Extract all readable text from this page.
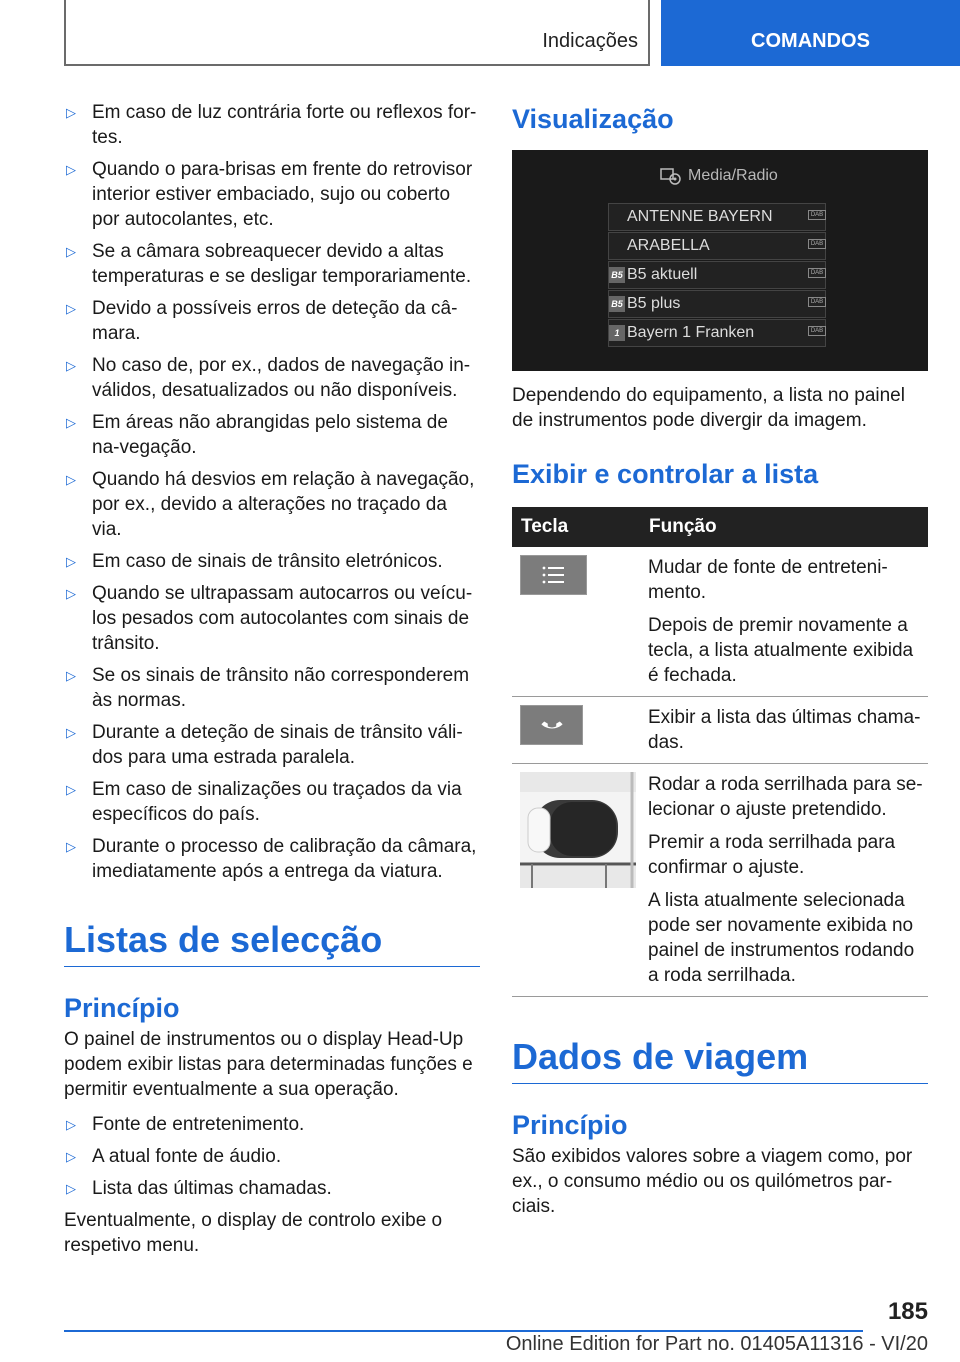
Indicações	COMANDOS
▷ Em caso de luz contrária forte ou reflexos for-tes.
▷ Quando o para-brisas em frente do retrovisor interior estiver embaciado, sujo ou coberto por autocolantes, etc.
▷ Se a câmara sobreaquecer devido a altas temperaturas e se desligar temporariamente.
▷ Devido a possíveis erros de deteção da câ-mara.
▷ No caso de, por ex., dados de navegação in-válidos, desatualizados ou não disponíveis.
▷ Em áreas não abrangidas pelo sistema de na-vegação.
▷ Quando há desvios em relação à navegação, por ex., devido a alterações no traçado da via.
▷ Em caso de sinais de trânsito eletrónicos.
▷ Quando se ultrapassam autocarros ou veícu-los pesados com autocolantes com sinais de trânsito.
▷ Se os sinais de trânsito não corresponderem às normas.
▷ Durante a deteção de sinais de trânsito váli-dos para uma estrada paralela.
▷ Em caso de sinalizações ou traçados da via específicos do país.
▷ Durante o processo de calibração da câmara, imediatamente após a entrega da viatura.
Listas de selecção
Princípio
O painel de instrumentos ou o display Head-Up podem exibir listas para determinadas funções e permitir eventualmente a sua operação.
▷ Fonte de entretenimento.
▷ A atual fonte de áudio.
▷ Lista das últimas chamadas.
Eventualmente, o display de controlo exibe o respetivo menu.
Visualização
Media/Radio
ANTENNE BAYERN
ARABELLA
B5 B5 aktuell
B5 B5 plus
1 Bayern 1 Franken
DAB
DAB
DAB
DAB
DAB
Dependendo do equipamento, a lista no painel de instrumentos pode divergir da imagem.
Exibir e controlar a lista
Tecla	Função

Mudar de fonte de entreteni-mento.
Depois de premir novamente a tecla, a lista atualmente exibida é fechada.

Exibir a lista das últimas chama-das.

Rodar a roda serrilhada para se-lecionar o ajuste pretendido.
Premir a roda serrilhada para confirmar o ajuste.
A lista atualmente selecionada pode ser novamente exibida no painel de instrumentos rodando a roda serrilhada.
Dados de viagem
Princípio
São exibidos valores sobre a viagem como, por ex., o consumo médio ou os quilómetros par-ciais.
185
Online Edition for Part no. 01405A11316 - VI/20
